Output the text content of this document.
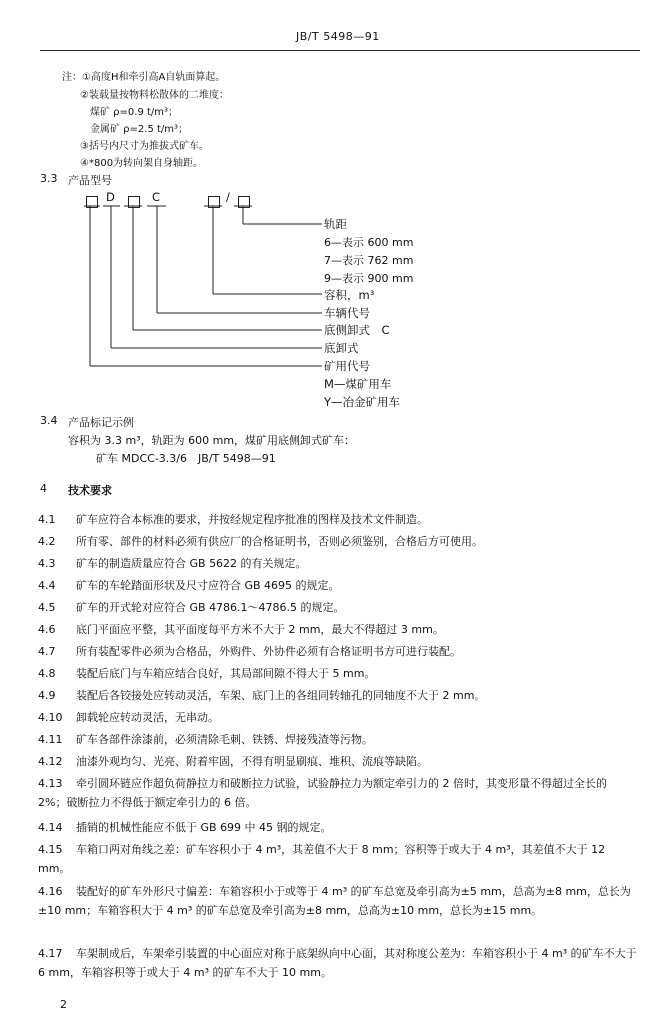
JB/T 5498—91
注：①高度H和牵引高A自轨面算起。
②装载量按物料松散体的二堆度：
煤矿 ρ=0.9 t/m³；
金属矿 ρ=2.5 t/m³；
③括号内尺寸为推拔式矿车。
④*800为转向架自身轴距。
3.3 产品型号
D	C	/
轨距
6—表示 600 mm
7—表示 762 mm
9—表示 900 mm
容积，m³
车辆代号
底侧卸式　C
底卸式
矿用代号
M—煤矿用车
Y—冶金矿用车
3.4 产品标记示例
容积为 3.3 m³，轨距为 600 mm，煤矿用底侧卸式矿车：
矿车 MDCC-3.3/6　JB/T 5498—91
4 技术要求
4.1 矿车应符合本标准的要求，并按经规定程序批准的图样及技术文件制造。
4.2 所有零、部件的材料必须有供应厂的合格证明书，否则必须鉴别，合格后方可使用。
4.3 矿车的制造质量应符合 GB 5622 的有关规定。
4.4 矿车的车轮踏面形状及尺寸应符合 GB 4695 的规定。
4.5 矿车的开式轮对应符合 GB 4786.1～4786.5 的规定。
4.6 底门平面应平整，其平面度每平方米不大于 2 mm，最大不得超过 3 mm。
4.7 所有装配零件必须为合格品，外购件、外协件必须有合格证明书方可进行装配。
4.8 装配后底门与车箱应结合良好，其局部间隙不得大于 5 mm。
4.9 装配后各铰接处应转动灵活，车架、底门上的各组同转轴孔的同轴度不大于 2 mm。
4.10 卸载轮应转动灵活，无串动。
4.11 矿车各部件涂漆前，必须清除毛刺、铁锈、焊接残渣等污物。
4.12 油漆外观均匀、光亮、附着牢固，不得有明显刷痕、堆积、流痕等缺陷。
4.13 牵引圆环链应作超负荷静拉力和破断拉力试验，试验静拉力为额定牵引力的 2 倍时，其变形量不得超过全长的 2%；破断拉力不得低于额定牵引力的 6 倍。
4.14 插销的机械性能应不低于 GB 699 中 45 钢的规定。
4.15 车箱口两对角线之差：矿车容积小于 4 m³，其差值不大于 8 mm；容积等于或大于 4 m³，其差值不大于 12 mm。
4.16 装配好的矿车外形尺寸偏差：车箱容积小于或等于 4 m³ 的矿车总宽及牵引高为±5 mm，总高为±8 mm，总长为±10 mm；车箱容积大于 4 m³ 的矿车总宽及牵引高为±8 mm，总高为±10 mm，总长为±15 mm。
4.17 车架制成后，车架牵引装置的中心面应对称于底架纵向中心面，其对称度公差为：车箱容积小于 4 m³ 的矿车不大于 6 mm，车箱容积等于或大于 4 m³ 的矿车不大于 10 mm。
2
